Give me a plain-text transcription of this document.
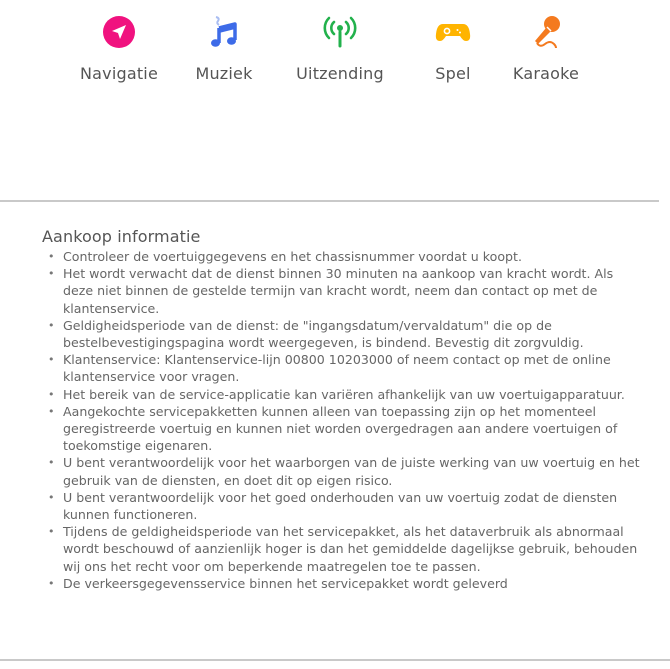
Navigatie	Muziek	Uitzending	Spel	Karaoke
Aankoop informatie
• Controleer de voertuiggegevens en het chassisnummer voordat u koopt.
• Het wordt verwacht dat de dienst binnen 30 minuten na aankoop van kracht wordt. Als deze niet binnen de gestelde termijn van kracht wordt, neem dan contact op met de klantenservice.
• Geldigheidsperiode van de dienst: de "ingangsdatum/vervaldatum" die op de bestelbevestigingspagina wordt weergegeven, is bindend. Bevestig dit zorgvuldig.
• Klantenservice: Klantenservice-lijn 00800 10203000 of neem contact op met de online klantenservice voor vragen.
• Het bereik van de service-applicatie kan variëren afhankelijk van uw voertuigapparatuur.
• Aangekochte servicepakketten kunnen alleen van toepassing zijn op het momenteel geregistreerde voertuig en kunnen niet worden overgedragen aan andere voertuigen of toekomstige eigenaren.
• U bent verantwoordelijk voor het waarborgen van de juiste werking van uw voertuig en het gebruik van de diensten, en doet dit op eigen risico.
• U bent verantwoordelijk voor het goed onderhouden van uw voertuig zodat de diensten kunnen functioneren.
• Tijdens de geldigheidsperiode van het servicepakket, als het dataverbruik als abnormaal wordt beschouwd of aanzienlijk hoger is dan het gemiddelde dagelijkse gebruik, behouden wij ons het recht voor om beperkende maatregelen toe te passen.
• De verkeersgegevensservice binnen het servicepakket wordt geleverd
